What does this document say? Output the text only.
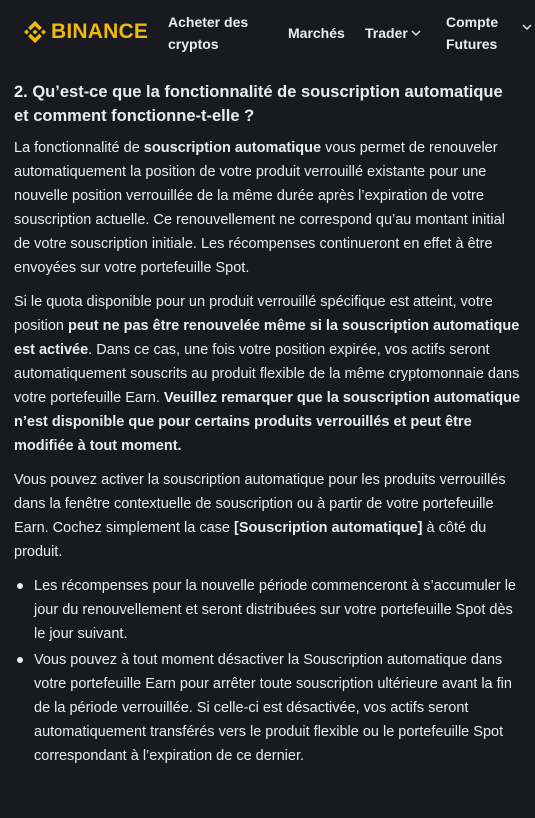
BINANCE Acheter des cryptos
Marchés Trader
Compte Futures
2. Qu’est-ce que la fonctionnalité de souscription automatique et comment fonctionne-t-elle ?

La fonctionnalité de souscription automatique vous permet de renouveler automatiquement la position de votre produit verrouillé existante pour une nouvelle position verrouillée de la même durée après l’expiration de votre souscription actuelle. Ce renouvellement ne correspond qu’au montant initial de votre souscription initiale. Les récompenses continueront en effet à être envoyées sur votre portefeuille Spot.

Si le quota disponible pour un produit verrouillé spécifique est atteint, votre position peut ne pas être renouvelée même si la souscription automatique est activée. Dans ce cas, une fois votre position expirée, vos actifs seront automatiquement souscrits au produit flexible de la même cryptomonnaie dans votre portefeuille Earn. Veuillez remarquer que la souscription automatique n’est disponible que pour certains produits verrouillés et peut être modifiée à tout moment.

Vous pouvez activer la souscription automatique pour les produits verrouillés dans la fenêtre contextuelle de souscription ou à partir de votre portefeuille Earn. Cochez simplement la case [Souscription automatique] à côté du produit.

Les récompenses pour la nouvelle période commenceront à s’accumuler le jour du renouvellement et seront distribuées sur votre portefeuille Spot dès le jour suivant.
Vous pouvez à tout moment désactiver la Souscription automatique dans votre portefeuille Earn pour arrêter toute souscription ultérieure avant la fin de la période verrouillée. Si celle-ci est désactivée, vos actifs seront automatiquement transférés vers le produit flexible ou le portefeuille Spot correspondant à l’expiration de ce dernier.
